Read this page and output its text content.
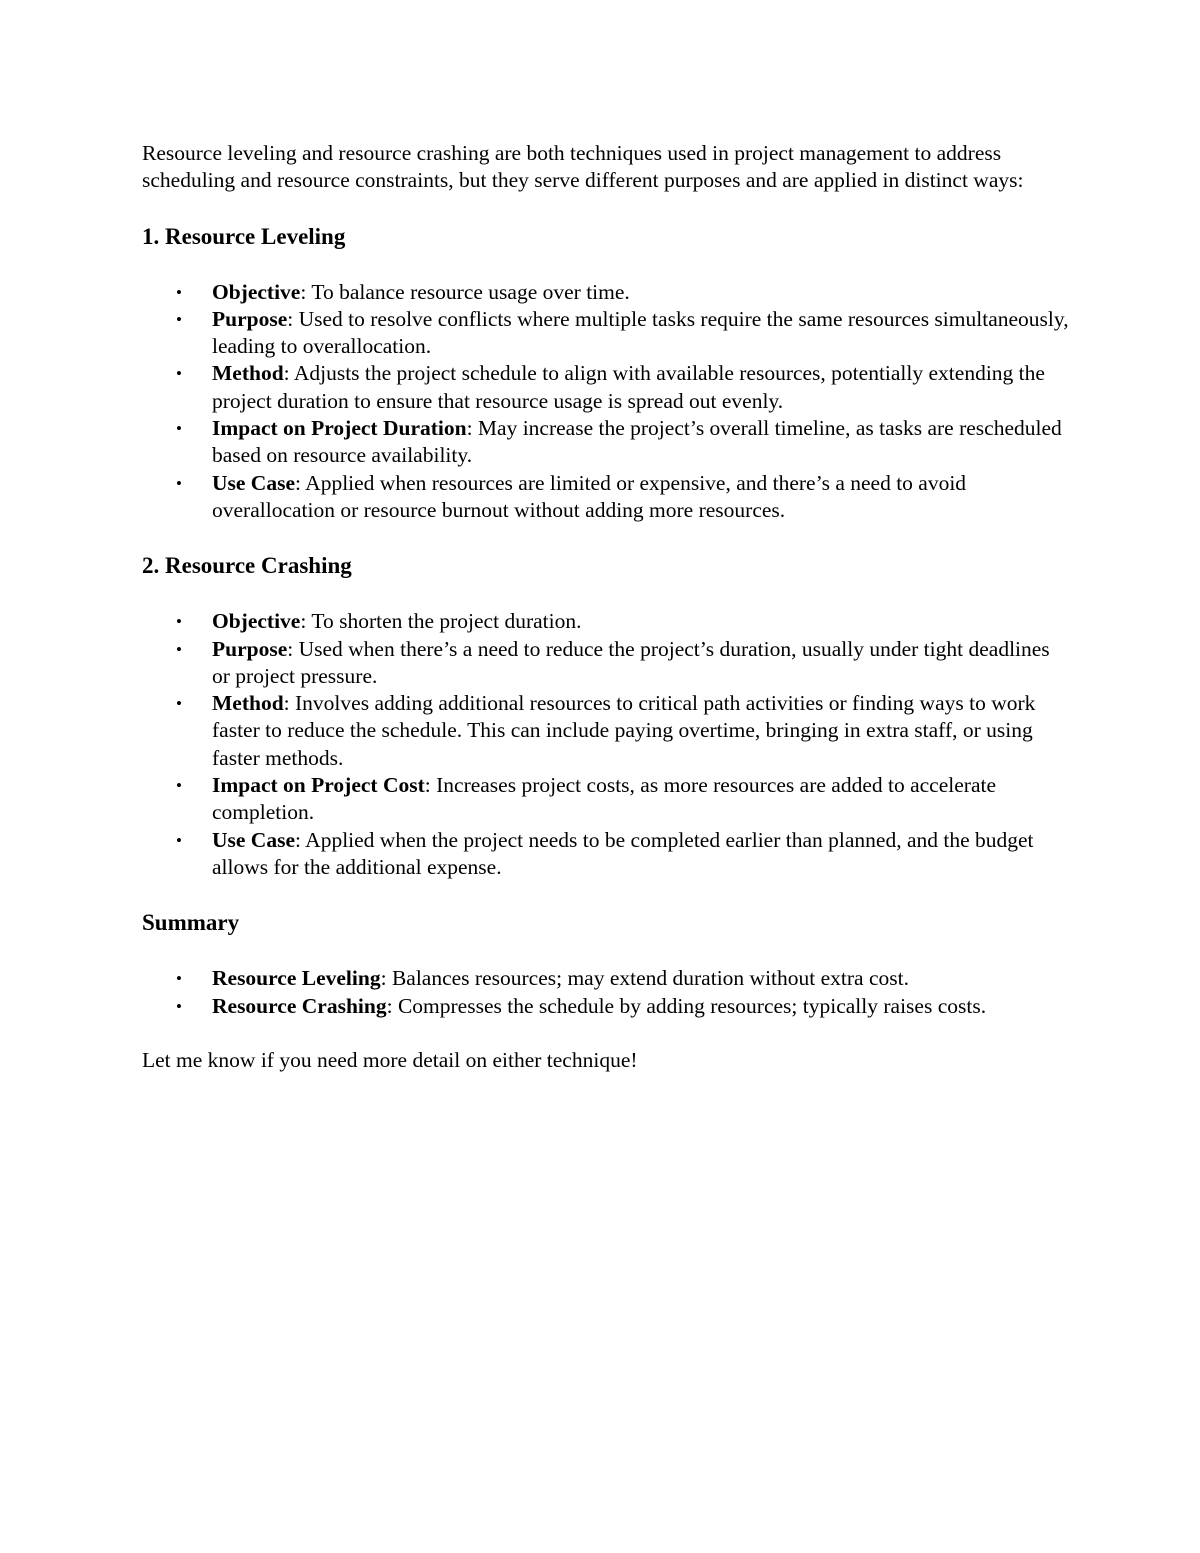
Resource leveling and resource crashing are both techniques used in project management to address scheduling and resource constraints, but they serve different purposes and are applied in distinct ways:

1. Resource Leveling
• Objective: To balance resource usage over time.
• Purpose: Used to resolve conflicts where multiple tasks require the same resources simultaneously, leading to overallocation.
• Method: Adjusts the project schedule to align with available resources, potentially extending the project duration to ensure that resource usage is spread out evenly.
• Impact on Project Duration: May increase the project’s overall timeline, as tasks are rescheduled based on resource availability.
• Use Case: Applied when resources are limited or expensive, and there’s a need to avoid overallocation or resource burnout without adding more resources.
2. Resource Crashing
• Objective: To shorten the project duration.
• Purpose: Used when there’s a need to reduce the project’s duration, usually under tight deadlines or project pressure.
• Method: Involves adding additional resources to critical path activities or finding ways to work faster to reduce the schedule. This can include paying overtime, bringing in extra staff, or using faster methods.
• Impact on Project Cost: Increases project costs, as more resources are added to accelerate completion.
• Use Case: Applied when the project needs to be completed earlier than planned, and the budget allows for the additional expense.
Summary
• Resource Leveling: Balances resources; may extend duration without extra cost.
• Resource Crashing: Compresses the schedule by adding resources; typically raises costs.

Let me know if you need more detail on either technique!
